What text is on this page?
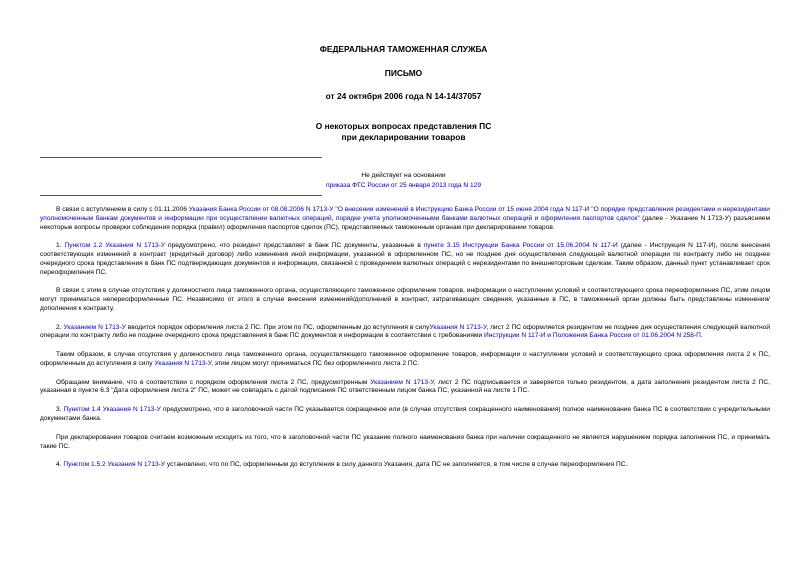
ФЕДЕРАЛЬНАЯ ТАМОЖЕННАЯ СЛУЖБА
ПИСЬМО
от 24 октября 2006 года N 14-14/37057
О некоторых вопросах представления ПС
при декларировании товаров
Не действует на основании
приказа ФТС России от 25 января 2013 года N 129

В связи с вступлением в силу с 01.11.2006 Указания Банка России от 08.08.2006 N 1713-У "О внесении изменений в Инструкцию Банка России от 15 июня 2004 года N 117-И "О порядке представления резидентами и нерезидентами уполномоченным банкам документов и информации при осуществлении валютных операций, порядке учета уполномоченными банками валютных операций и оформления паспортов сделок" (далее - Указание N 1713-У) разъясняем некоторые вопросы проверки соблюдения порядка (правил) оформления паспортов сделок (ПС), представляемых таможенным органам при декларировании товаров.

1. Пунктом 1.2 Указания N 1713-У предусмотрено, что резидент представляет в банк ПС документы, указанные в пункте 3.15 Инструкции Банка России от 15.06.2004 N 117-И (далее - Инструкция N 117-И), после внесения соответствующих изменений в контракт (кредитный договор) либо изменения иной информации, указанной в оформленном ПС, но не позднее дня осуществления следующей валютной операции по контракту либо не позднее очередного срока представления в банк ПС подтверждающих документов и информации, связанной с проведением валютных операций с нерезидентами по внешнеторговым сделкам. Таким образом, данный пункт устанавливает срок переоформления ПС.

В связи с этим в случае отсутствия у должностного лица таможенного органа, осуществляющего таможенное оформление товаров, информации о наступлении условий и соответствующего срока переоформления ПС, этим лицом могут приниматься непереоформленные ПС. Независимо от этого в случае внесения изменений/дополнений в контракт, затрагивающих сведения, указанные в ПС, в таможенный орган должны быть представлены изменения/дополнения к контракту.

2. Указанием N 1713-У вводится порядок оформления листа 2 ПС. При этом по ПС, оформленным до вступления в силуУказания N 1713-У, лист 2 ПС оформляется резидентом не позднее дня осуществления следующей валютной операции по контракту либо не позднее очередного срока представления в банк ПС документов и информации в соответствии с требованиями Инструкции N 117-И и Положения Банка России от 01.06.2004 N 258-П.

Таким образом, в случае отсутствия у должностного лица таможенного органа, осуществляющего таможенное оформление товаров, информации о наступлении условий и соответствующего срока оформления листа 2 к ПС, оформленным до вступления в силу Указания N 1713-У, этим лицом могут приниматься ПС без оформленного листа 2 ПС.

Обращаем внимание, что в соответствии с порядком оформления листа 2 ПС, предусмотренным Указанием N 1713-У, лист 2 ПС подписывается и заверяется только резидентом, а дата заполнения резидентом листа 2 ПС, указанная в пункте 6.3 "Дата оформления листа 2" ПС, может не совпадать с датой подписания ПС ответственным лицом банка ПС, указанной на листе 1 ПС.

3. Пунктом 1.4 Указания N 1713-У предусмотрено, что в заголовочной части ПС указывается сокращенное или (в случае отсутствия сокращенного наименования) полное наименование банка ПС в соответствии с учредительными документами банка.

При декларировании товаров считаем возможным исходить из того, что в заголовочной части ПС указание полного наименования банка при наличии сокращенного не является нарушением порядка заполнения ПС, и принимать такие ПС.

4. Пунктом 1.5.2 Указания N 1713-У установлено, что по ПС, оформленным до вступления в силу данного Указания, дата ПС не заполняется, в том числе в случае переоформления ПС.
